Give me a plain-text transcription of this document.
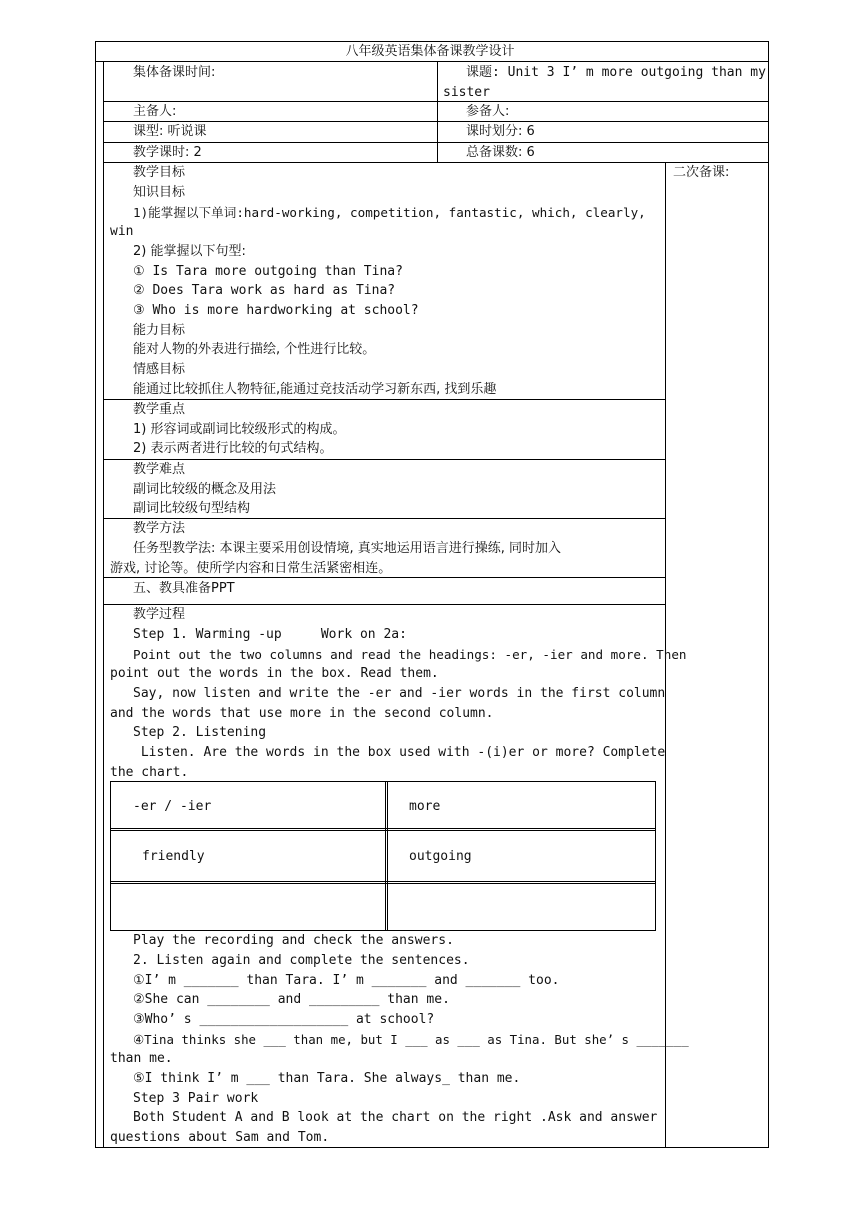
八年级英语集体备课教学设计
集体备课时间:	课题: Unit 3 I’ m more outgoing than my
sister
主备人:	参备人:
课型: 听说课	课时划分: 6
教学课时: 2	总备课数: 6
二次备课:
教学目标
知识目标
1)能掌握以下单词:hard-working, competition, fantastic, which, clearly,
win
2) 能掌握以下句型:
① Is Tara more outgoing than Tina?
② Does Tara work as hard as Tina?
③ Who is more hardworking at school?
能力目标
能对人物的外表进行描绘, 个性进行比较。
情感目标
能通过比较抓住人物特征,能通过竞技活动学习新东西, 找到乐趣
教学重点
1) 形容词或副词比较级形式的构成。
2) 表示两者进行比较的句式结构。
教学难点
副词比较级的概念及用法
副词比较级句型结构
教学方法
任务型教学法: 本课主要采用创设情境, 真实地运用语言进行操练, 同时加入
游戏, 讨论等。使所学内容和日常生活紧密相连。
五、教具准备PPT
教学过程
Step 1. Warming -up     Work on 2a:
Point out the two columns and read the headings: -er, -ier and more. Then
point out the words in the box. Read them.
Say, now listen and write the -er and -ier words in the first column
and the words that use more in the second column.
Step 2. Listening
Listen. Are the words in the box used with -(i)er or more? Complete
the chart.
-er / -ier	more
friendly	outgoing
Play the recording and check the answers.
2. Listen again and complete the sentences.
①I’ m _______ than Tara. I’ m _______ and _______ too.
②She can ________ and _________ than me.
③Who’ s ___________________ at school?
④Tina thinks she ___ than me, but I ___ as ___ as Tina. But she’ s _______
than me.
⑤I think I’ m ___ than Tara. She always_ than me.
Step 3 Pair work
Both Student A and B look at the chart on the right .Ask and answer
questions about Sam and Tom.
